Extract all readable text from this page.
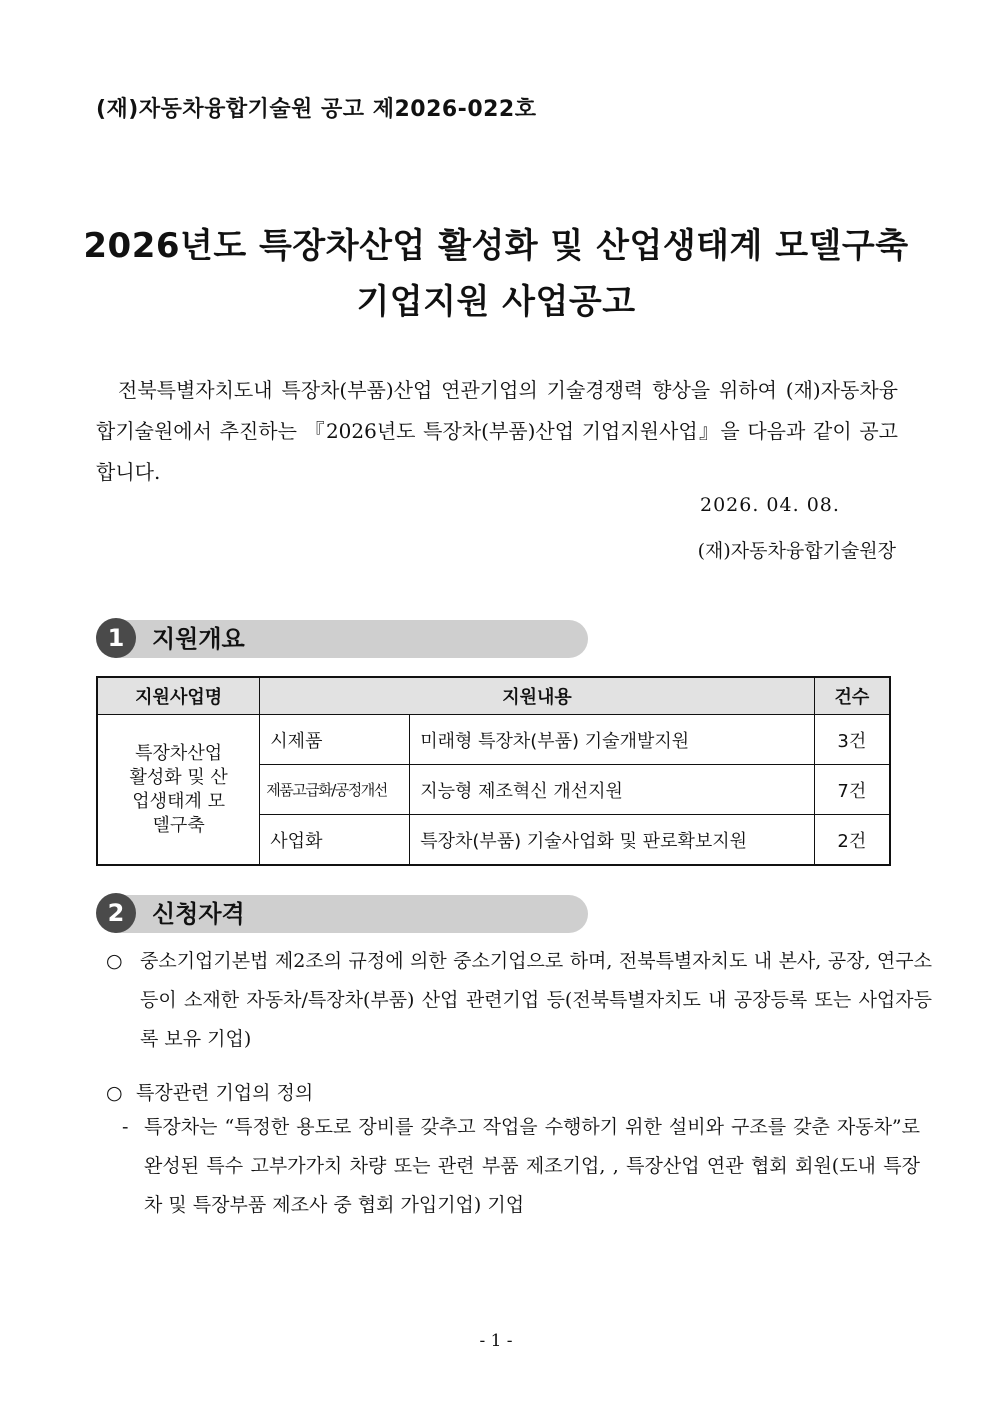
(재)자동차융합기술원 공고 제2026-022호
2026년도 특장차산업 활성화 및 산업생태계 모델구축
기업지원 사업공고
전북특별자치도내 특장차(부품)산업 연관기업의 기술경쟁력 향상을 위하여 (재)자동차융합기술원에서 추진하는 『2026년도 특장차(부품)산업 기업지원사업』을 다음과 같이 공고합니다.
2026. 04. 08.
(재)자동차융합기술원장
1	지원개요
지원사업명	지원내용		건수

특장차산업 활성화 및 산업생태계 모델구축	시제품	미래형 특장차(부품) 기술개발지원	3건
	제품고급화/공정개선	지능형 제조혁신 개선지원	7건
	사업화	특장차(부품) 기술사업화 및 판로확보지원	2건
2	신청자격
○ 중소기업기본법 제2조의 규정에 의한 중소기업으로 하며, 전북특별자치도 내 본사, 공장, 연구소 등이 소재한 자동차/특장차(부품) 산업 관련기업 등(전북특별자치도 내 공장등록 또는 사업자등록 보유 기업)
○ 특장관련 기업의 정의
- 특장차는 “특정한 용도로 장비를 갖추고 작업을 수행하기 위한 설비와 구조를 갖춘 자동차”로 완성된 특수 고부가가치 차량 또는 관련 부품 제조기업, , 특장산업 연관 협회 회원(도내 특장차 및 특장부품 제조사 중 협회 가입기업) 기업
- 1 -
